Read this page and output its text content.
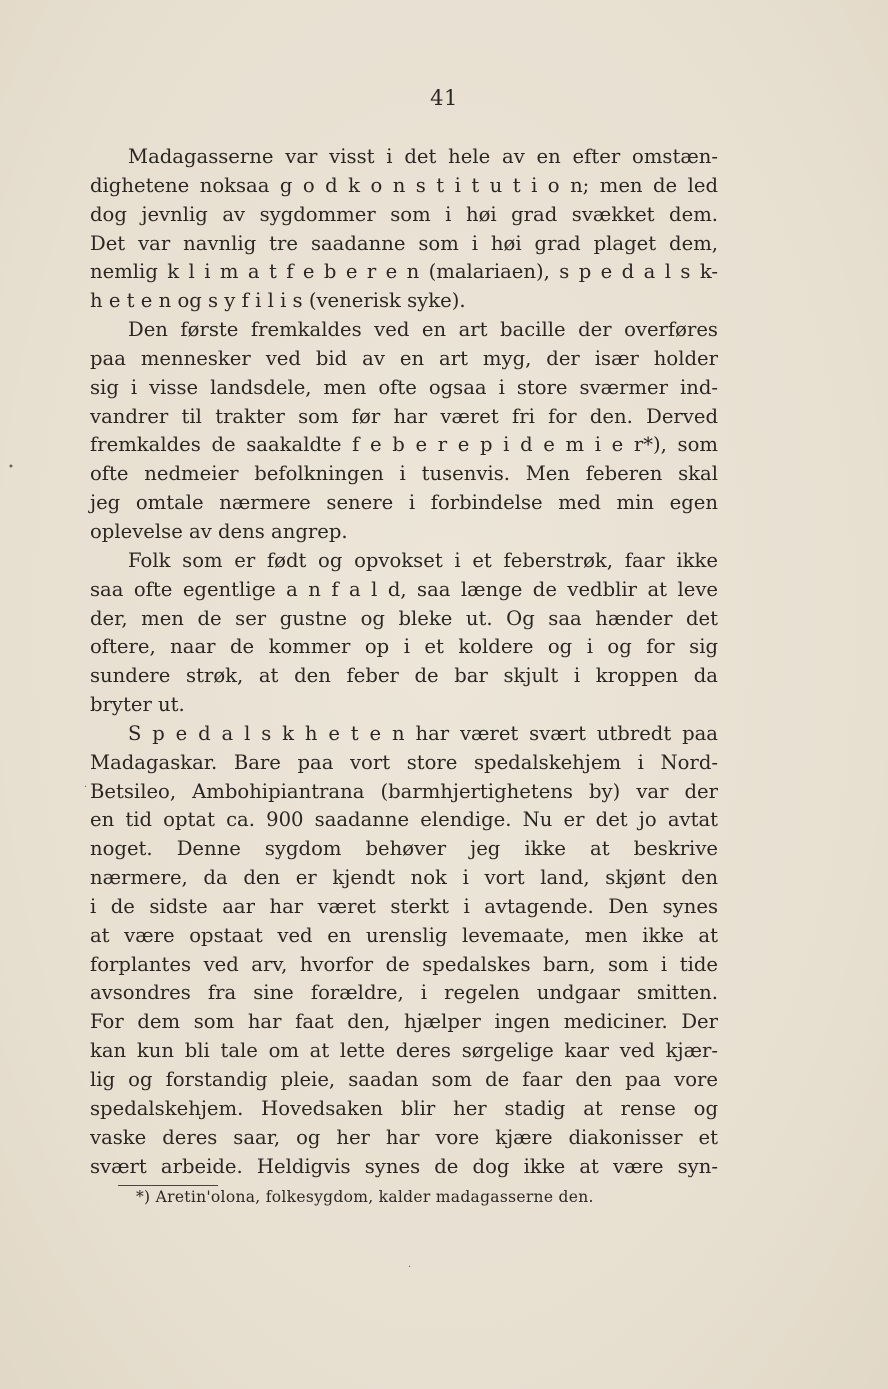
41
Madagasserne var visst i det hele av en efter omstæn-
dighetene noksaa g o d k o n s t i t u t i o n; men de led
dog jevnlig av sygdommer som i høi grad svækket dem.
Det var navnlig tre saadanne som i høi grad plaget dem,
nemlig k l i m a t f e b e r e n (malariaen), s p e d a l s k-
h e t e n og s y f i l i s (venerisk syke).
Den første fremkaldes ved en art bacille der overføres
paa mennesker ved bid av en art myg, der især holder
sig i visse landsdele, men ofte ogsaa i store sværmer ind-
vandrer til trakter som før har været fri for den. Derved
fremkaldes de saakaldte f e b e r e p i d e m i e r*), som
ofte nedmeier befolkningen i tusenvis. Men feberen skal
jeg omtale nærmere senere i forbindelse med min egen
oplevelse av dens angrep.
Folk som er født og opvokset i et feberstrøk, faar ikke
saa ofte egentlige a n f a l d, saa længe de vedblir at leve
der, men de ser gustne og bleke ut. Og saa hænder det
oftere, naar de kommer op i et koldere og i og for sig
sundere strøk, at den feber de bar skjult i kroppen da
bryter ut.
S p e d a l s k h e t e n har været svært utbredt paa
Madagaskar. Bare paa vort store spedalskehjem i Nord-
Betsileo, Ambohipiantrana (barmhjertighetens by) var der
en tid optat ca. 900 saadanne elendige. Nu er det jo avtat
noget. Denne sygdom behøver jeg ikke at beskrive
nærmere, da den er kjendt nok i vort land, skjønt den
i de sidste aar har været sterkt i avtagende. Den synes
at være opstaat ved en urenslig levemaate, men ikke at
forplantes ved arv, hvorfor de spedalskes barn, som i tide
avsondres fra sine forældre, i regelen undgaar smitten.
For dem som har faat den, hjælper ingen mediciner. Der
kan kun bli tale om at lette deres sørgelige kaar ved kjær-
lig og forstandig pleie, saadan som de faar den paa vore
spedalskehjem. Hovedsaken blir her stadig at rense og
vaske deres saar, og her har vore kjære diakonisser et
svært arbeide. Heldigvis synes de dog ikke at være syn-
*) Aretin'olona, folkesygdom, kalder madagasserne den.
•
·
·
